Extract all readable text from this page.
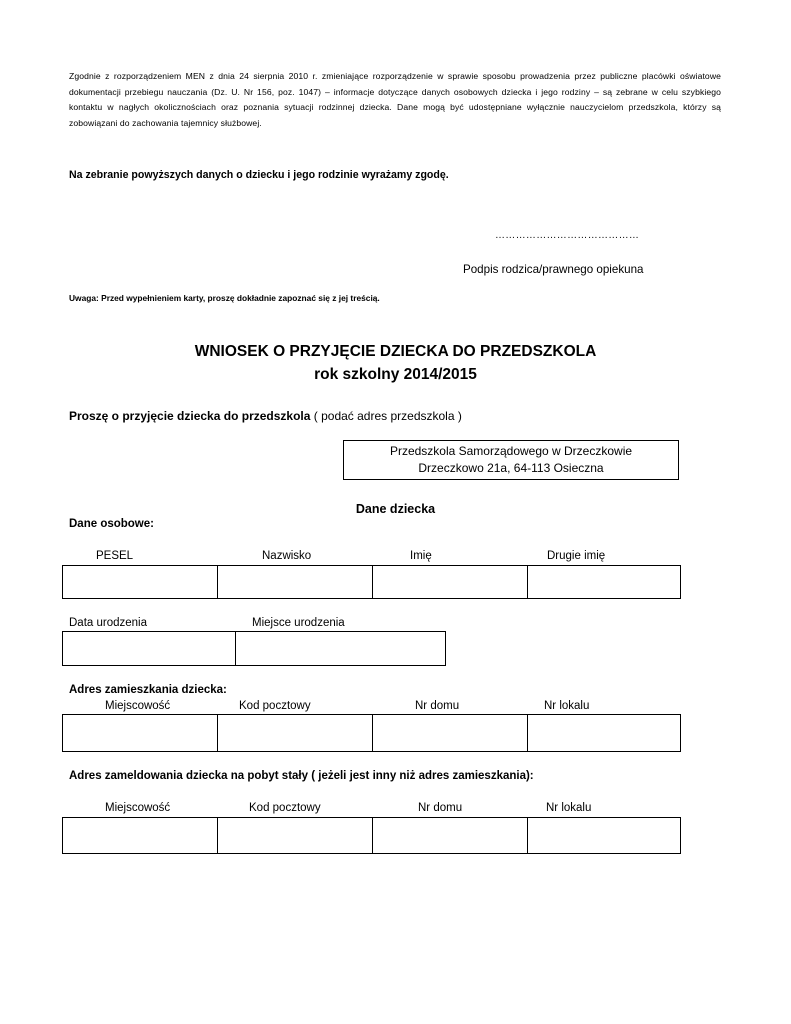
Zgodnie z rozporządzeniem MEN z dnia 24 sierpnia 2010 r. zmieniające rozporządzenie w sprawie sposobu prowadzenia przez publiczne placówki oświatowe dokumentacji przebiegu nauczania (Dz. U. Nr 156, poz. 1047) – informacje dotyczące danych osobowych dziecka i jego rodziny – są zebrane w celu szybkiego kontaktu w nagłych okolicznościach oraz poznania sytuacji rodzinnej dziecka. Dane mogą być udostępniane wyłącznie nauczycielom przedszkola, którzy są zobowiązani do zachowania tajemnicy służbowej.
Na zebranie powyższych danych o dziecku i jego rodzinie wyrażamy zgodę.
……………………………………
Podpis rodzica/prawnego opiekuna
Uwaga: Przed wypełnieniem karty, proszę dokładnie zapoznać się z jej treścią.
WNIOSEK O PRZYJĘCIE DZIECKA DO PRZEDSZKOLA
rok szkolny 2014/2015
Proszę o przyjęcie dziecka do przedszkola ( podać adres przedszkola )
Przedszkola Samorządowego w Drzeczkowie
Drzeczkowo 21a, 64-113 Osieczna
Dane dziecka
Dane osobowe:
PESEL	Nazwisko	Imię	Drugie imię
Data urodzenia	Miejsce urodzenia
Adres zamieszkania dziecka:
Miejscowość	Kod pocztowy	Nr domu	Nr lokalu
Adres zameldowania dziecka na pobyt stały ( jeżeli jest inny niż adres zamieszkania):
Miejscowość	Kod pocztowy	Nr domu	Nr lokalu
